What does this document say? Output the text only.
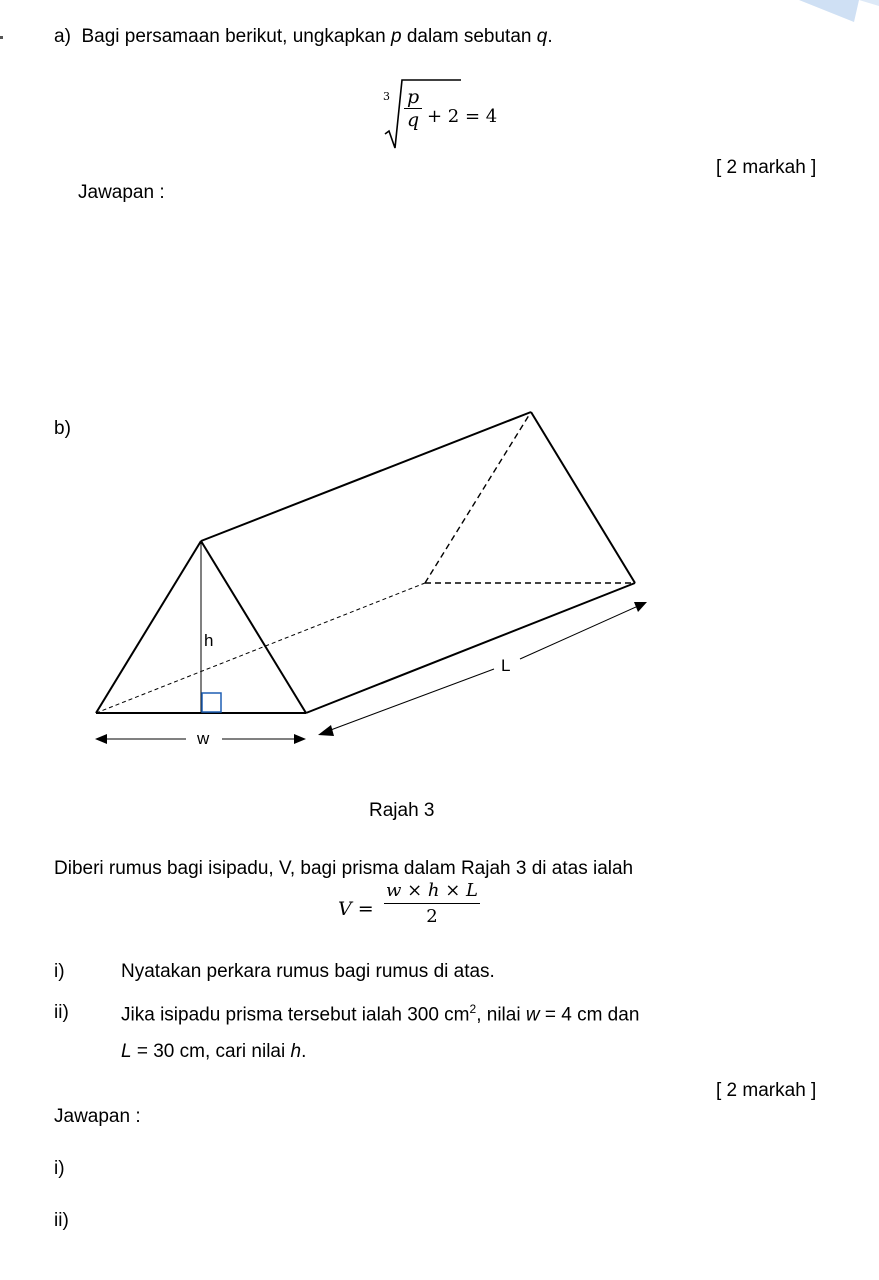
a) Bagi persamaan berikut, ungkapkan p dalam sebutan q.
$3 \frac{p}{q} + 2 = 4$
[ 2 markah ]
Jawapan :
b)
h
w
L
Rajah 3
Diberi rumus bagi isipadu, V, bagi prisma dalam Rajah 3 di atas ialah
$V = \frac{w \times h \times L}{2}$
i)	Nyatakan perkara rumus bagi rumus di atas.
ii)	Jika isipadu prisma tersebut ialah 300 $cm^2$, nilai w = 4 cm dan
L = 30 cm, cari nilai h.
[ 2 markah ]
Jawapan :
i)
ii)
